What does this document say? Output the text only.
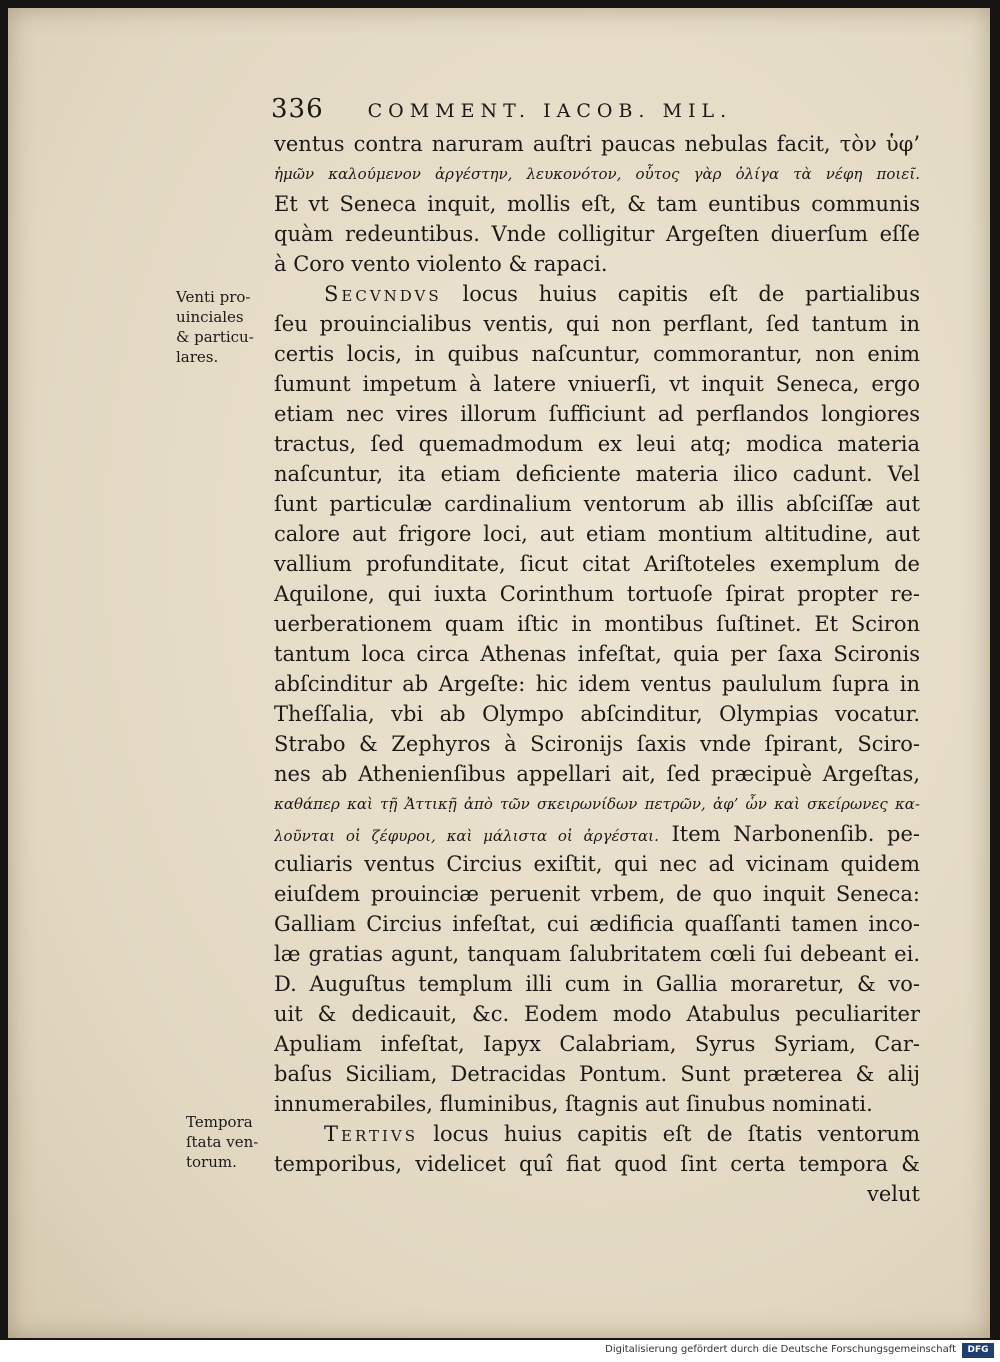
336 COMMENT. IACOB. MIL.
Venti pro-
uinciales
& particu-
lares.
Tempora
ſtata ven-
torum.
ventus contra naruram auſtri paucas nebulas facit, τὸν ὑφ’
ἡμῶν καλούμενον ἀργέστην, λευκονότον, οὗτος γὰρ ὀλίγα τὰ νέφη ποιεῖ.
Et vt Seneca inquit, mollis eſt, & tam euntibus communis
quàm redeuntibus. Vnde colligitur Argeſten diuerſum eſſe
à Coro vento violento & rapaci.
Secvndvs locus huius capitis eſt de partialibus
ſeu prouincialibus ventis, qui non perflant, ſed tantum in
certis locis, in quibus naſcuntur, commorantur, non enim
ſumunt impetum à latere vniuerſi, vt inquit Seneca, ergo
etiam nec vires illorum ſufficiunt ad perflandos longiores
tractus, ſed quemadmodum ex leui atq; modica materia
naſcuntur, ita etiam deficiente materia ilico cadunt. Vel
ſunt particulæ cardinalium ventorum ab illis abſciſſæ aut
calore aut frigore loci, aut etiam montium altitudine, aut
vallium profunditate, ſicut citat Ariſtoteles exemplum de
Aquilone, qui iuxta Corinthum tortuoſe ſpirat propter re-
uerberationem quam iſtic in montibus ſuſtinet. Et Sciron
tantum loca circa Athenas infeſtat, quia per ſaxa Scironis
abſcinditur ab Argeſte: hic idem ventus paululum ſupra in
Theſſalia, vbi ab Olympo abſcinditur, Olympias vocatur.
Strabo & Zephyros à Scironijs ſaxis vnde ſpirant, Sciro-
nes ab Athenienſibus appellari ait, ſed præcipuè Argeſtas,
καθάπερ καὶ τῇ Ἀττικῇ ἀπὸ τῶν σκειρωνίδων πετρῶν, ἀφ’ ὧν καὶ σκείρωνες κα-
λοῦνται οἱ ζέφυροι, καὶ μάλιστα οἱ ἀργέσται. Item Narbonenſib. pe-
culiaris ventus Circius exiſtit, qui nec ad vicinam quidem
eiuſdem prouinciæ peruenit vrbem, de quo inquit Seneca:
Galliam Circius infeſtat, cui ædificia quaſſanti tamen inco-
læ gratias agunt, tanquam ſalubritatem cœli ſui debeant ei.
D. Auguſtus templum illi cum in Gallia moraretur, & vo-
uit & dedicauit, &c. Eodem modo Atabulus peculiariter
Apuliam infeſtat, Iapyx Calabriam, Syrus Syriam, Car-
baſus Siciliam, Detracidas Pontum. Sunt præterea & alij
innumerabiles, fluminibus, ſtagnis aut ſinubus nominati.
Tertivs locus huius capitis eſt de ſtatis ventorum
temporibus, videlicet quî fiat quod ſint certa tempora &
velut
Digitalisierung gefördert durch die Deutsche Forschungsgemeinschaft	DFG
